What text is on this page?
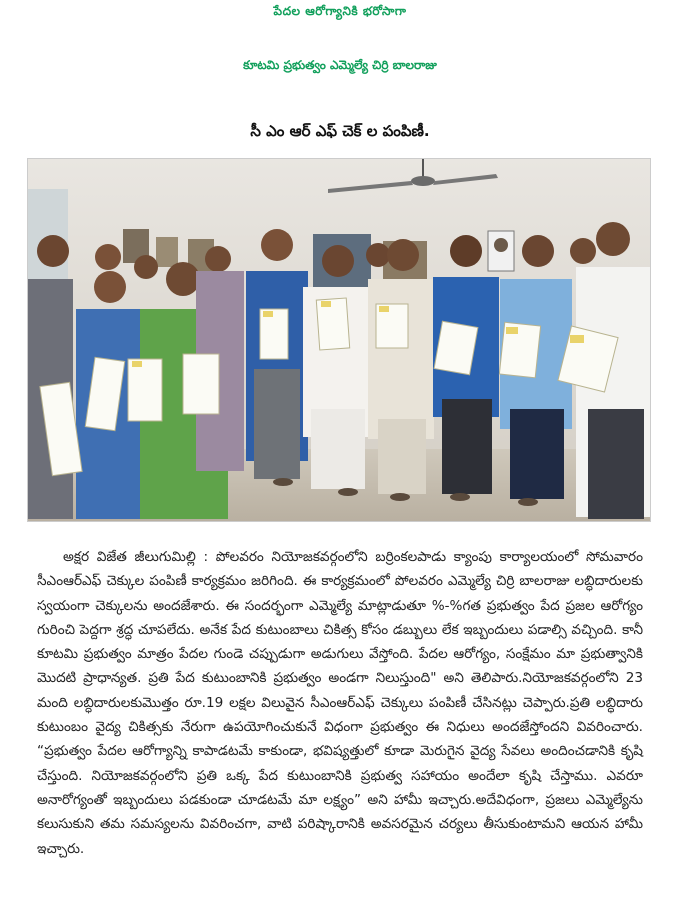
పేదల ఆరోగ్యానికి భరోసాగా
కూటమి ప్రభుత్వం ఎమ్మెల్యే చిర్రి బాలరాజు
సీ ఎం ఆర్ ఎఫ్ చెక్ ల పంపిణీ.

అక్షర విజేత జీలుగుమిల్లి : పోలవరం నియోజకవర్గంలోని బర్రింకలపాడు క్యాంపు కార్యాలయంలో సోమవారం సీఎంఆర్ఎఫ్ చెక్కుల పంపిణీ కార్యక్రమం జరిగింది. ఈ కార్యక్రమంలో పోలవరం ఎమ్మెల్యే చిర్రి బాలరాజు లబ్ధిదారులకు స్వయంగా చెక్కులను అందజేశారు. ఈ సందర్భంగా ఎమ్మెల్యే మాట్లాడుతూ %-%గత ప్రభుత్వం పేద ప్రజల ఆరోగ్యం గురించి పెద్దగా శ్రద్ధ చూపలేదు. అనేక పేద కుటుంబాలు చికిత్స కోసం డబ్బులు లేక ఇబ్బందులు పడాల్సి వచ్చింది. కానీ కూటమి ప్రభుత్వం మాత్రం పేదల గుండె చప్పుడుగా అడుగులు వేస్తోంది. పేదల ఆరోగ్యం, సంక్షేమం మా ప్రభుత్వానికి మొదటి ప్రాధాన్యత. ప్రతి పేద కుటుంబానికి ప్రభుత్వం అండగా నిలుస్తుంది" అని తెలిపారు.నియోజకవర్గంలోని 23 మంది లబ్ధిదారులకుమొత్తం రూ.19 లక్షల విలువైన సీఎంఆర్ఎఫ్ చెక్కులు పంపిణీ చేసినట్లు చెప్పారు.ప్రతి లబ్ధిదారు కుటుంబం వైద్య చికిత్సకు నేరుగా ఉపయోగించుకునే విధంగా ప్రభుత్వం ఈ నిధులు అందజేస్తోందని వివరించారు. “ప్రభుత్వం పేదల ఆరోగ్యాన్ని కాపాడటమే కాకుండా, భవిష్యత్తులో కూడా మెరుగైన వైద్య సేవలు అందించడానికి కృషి చేస్తుంది. నియోజకవర్గంలోని ప్రతి ఒక్క పేద కుటుంబానికి ప్రభుత్వ సహాయం అందేలా కృషి చేస్తాము. ఎవరూ అనారోగ్యంతో ఇబ్బందులు పడకుండా చూడటమే మా లక్ష్యం” అని హామీ ఇచ్చారు.అదేవిధంగా, ప్రజలు ఎమ్మెల్యేను కలుసుకుని తమ సమస్యలను వివరించగా, వాటి పరిష్కారానికి అవసరమైన చర్యలు తీసుకుంటామని ఆయన హామీ ఇచ్చారు.
